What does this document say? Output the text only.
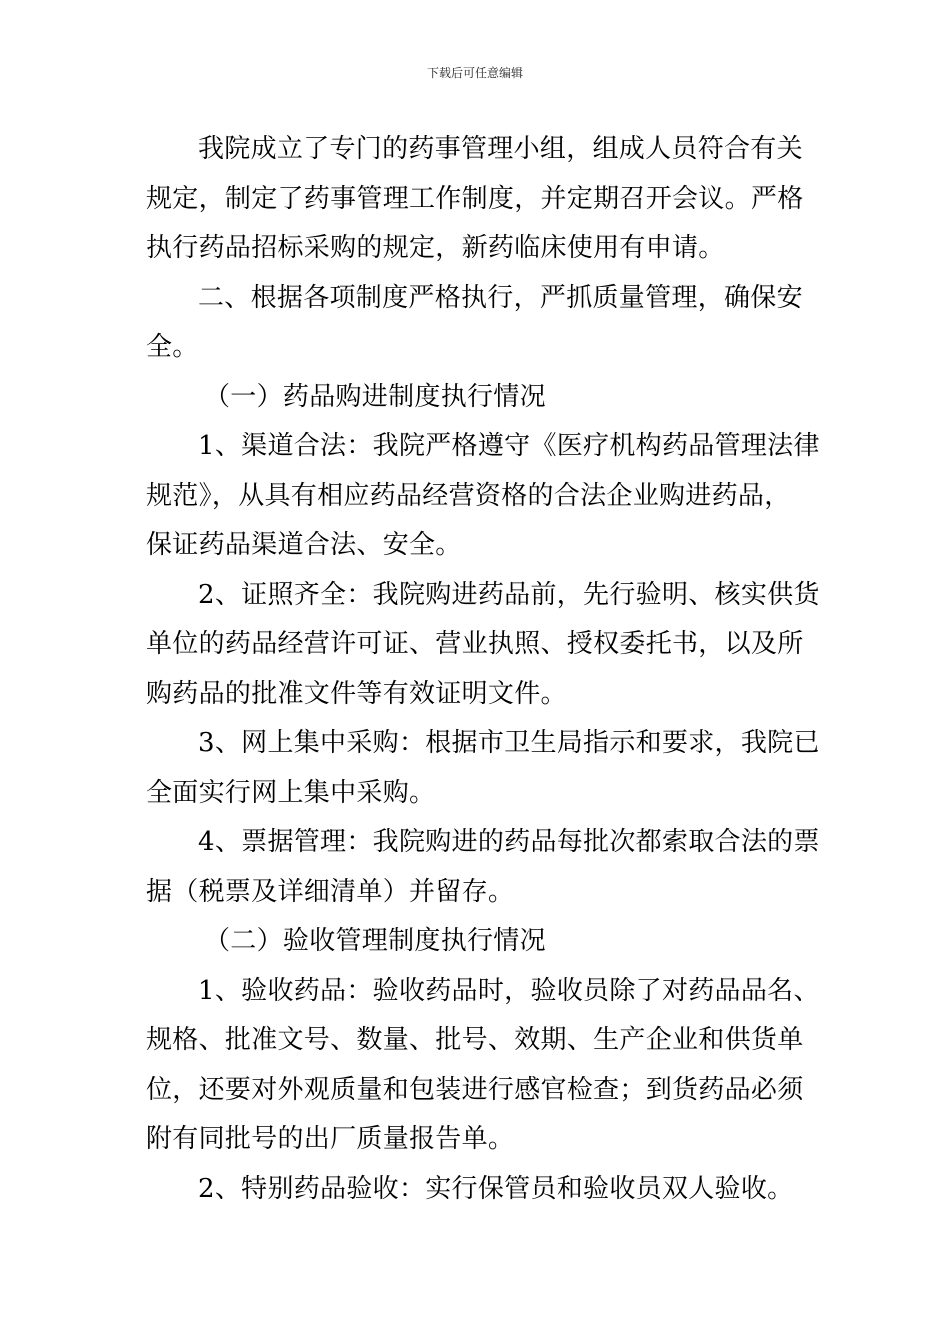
下载后可任意编辑
我院成立了专门的药事管理小组，组成人员符合有关
规定，制定了药事管理工作制度，并定期召开会议。严格
执行药品招标采购的规定，新药临床使用有申请。
二、根据各项制度严格执行，严抓质量管理，确保安
全。
（一）药品购进制度执行情况
1、渠道合法：我院严格遵守《医疗机构药品管理法律
规范》，从具有相应药品经营资格的合法企业购进药品，
保证药品渠道合法、安全。
2、证照齐全：我院购进药品前，先行验明、核实供货
单位的药品经营许可证、营业执照、授权委托书，以及所
购药品的批准文件等有效证明文件。
3、网上集中采购：根据市卫生局指示和要求，我院已
全面实行网上集中采购。
4、票据管理：我院购进的药品每批次都索取合法的票
据（税票及详细清单）并留存。
（二）验收管理制度执行情况
1、验收药品：验收药品时，验收员除了对药品品名、
规格、批准文号、数量、批号、效期、生产企业和供货单
位，还要对外观质量和包装进行感官检查；到货药品必须
附有同批号的出厂质量报告单。
2、特别药品验收：实行保管员和验收员双人验收。
